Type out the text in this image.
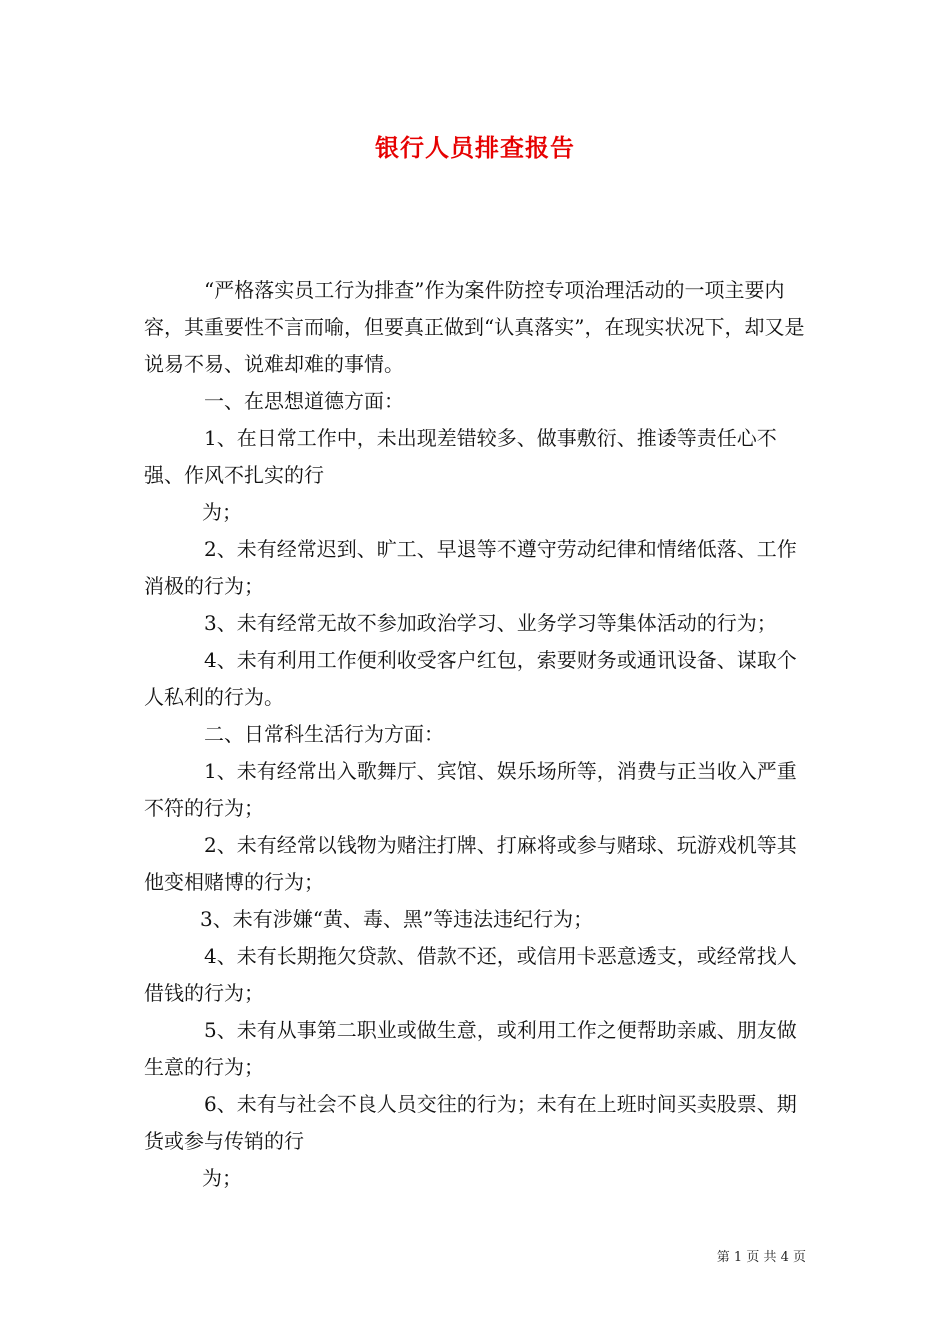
银行人员排查报告

“严格落实员工行为排查”作为案件防控专项治理活动的一项主要内容，其重要性不言而喻，但要真正做到“认真落实”，在现实状况下，却又是说易不易、说难却难的事情。

一、在思想道德方面：

1、在日常工作中，未出现差错较多、做事敷衍、推诿等责任心不强、作风不扎实的行

为；

2、未有经常迟到、旷工、早退等不遵守劳动纪律和情绪低落、工作消极的行为；

3、未有经常无故不参加政治学习、业务学习等集体活动的行为；

4、未有利用工作便利收受客户红包，索要财务或通讯设备、谋取个人私利的行为。

二、日常科生活行为方面：

1、未有经常出入歌舞厅、宾馆、娱乐场所等，消费与正当收入严重不符的行为；

2、未有经常以钱物为赌注打牌、打麻将或参与赌球、玩游戏机等其他变相赌博的行为；

3、未有涉嫌“黄、毒、黑”等违法违纪行为；

4、未有长期拖欠贷款、借款不还，或信用卡恶意透支，或经常找人借钱的行为；

5、未有从事第二职业或做生意，或利用工作之便帮助亲戚、朋友做生意的行为；

6、未有与社会不良人员交往的行为；未有在上班时间买卖股票、期货或参与传销的行

为；

第 1 页 共 4 页
